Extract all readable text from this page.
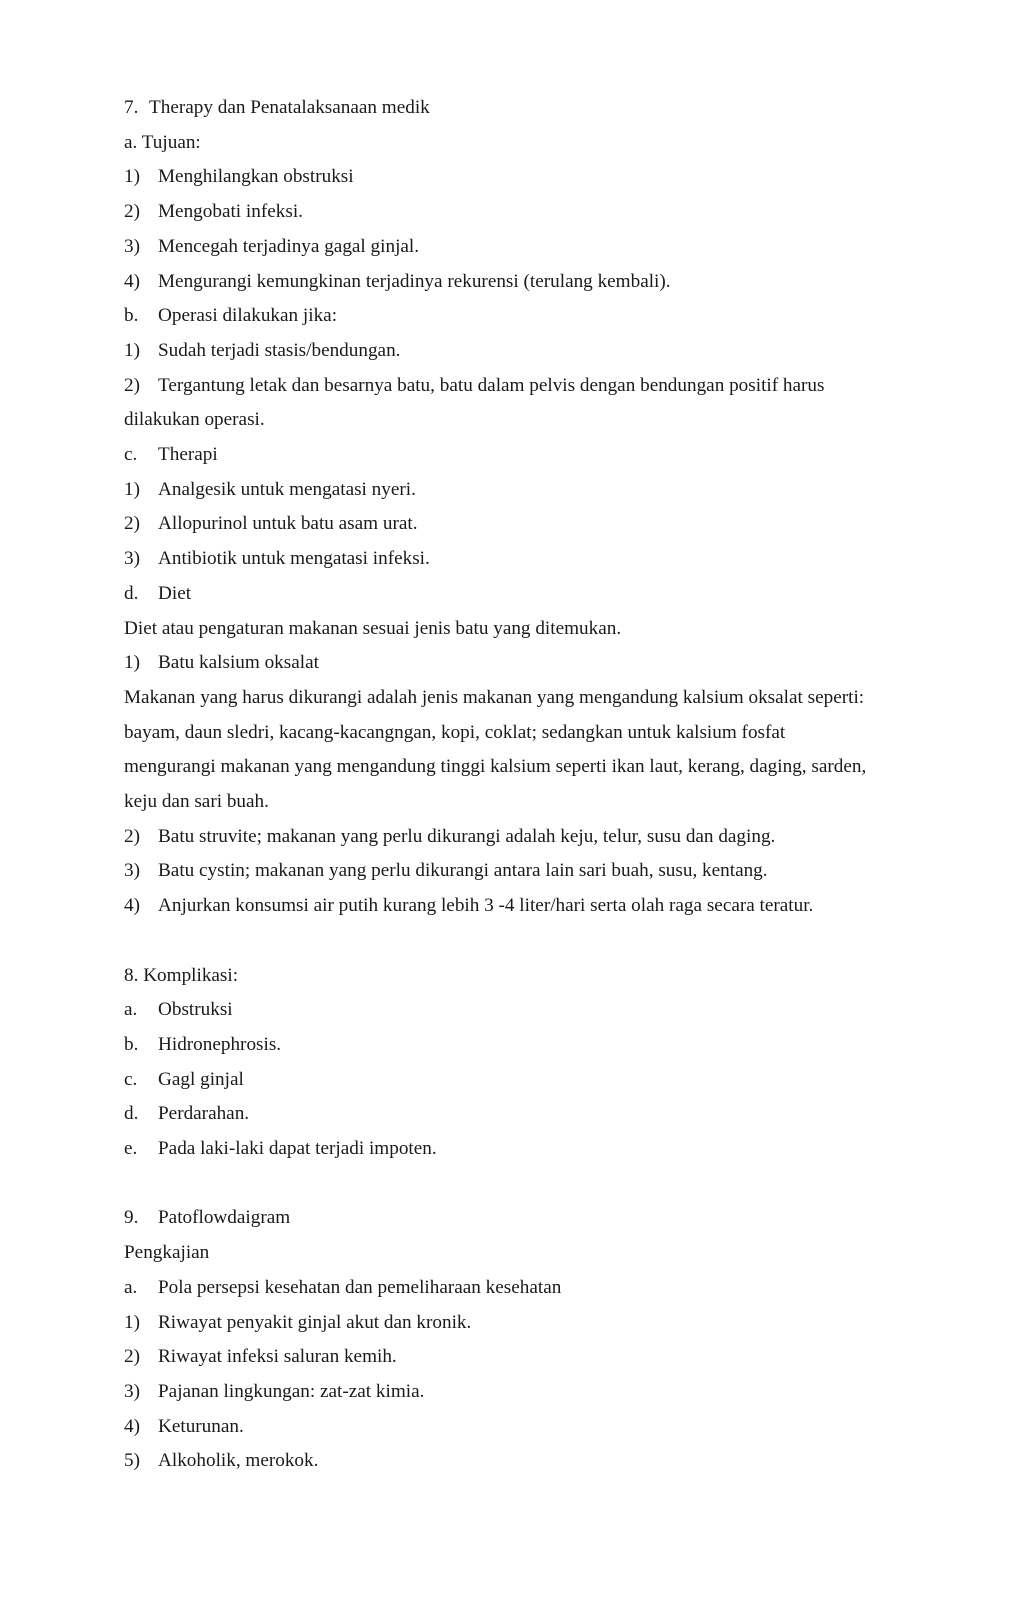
7. Therapy dan Penatalaksanaan medik
a. Tujuan:
1) Menghilangkan obstruksi
2) Mengobati infeksi.
3) Mencegah terjadinya gagal ginjal.
4) Mengurangi kemungkinan terjadinya rekurensi (terulang kembali).
b. Operasi dilakukan jika:
1) Sudah terjadi stasis/bendungan.
2) Tergantung letak dan besarnya batu, batu dalam pelvis dengan bendungan positif harus
dilakukan operasi.
c. Therapi
1) Analgesik untuk mengatasi nyeri.
2) Allopurinol untuk batu asam urat.
3) Antibiotik untuk mengatasi infeksi.
d. Diet
Diet atau pengaturan makanan sesuai jenis batu yang ditemukan.
1) Batu kalsium oksalat
Makanan yang harus dikurangi adalah jenis makanan yang mengandung kalsium oksalat seperti:
bayam, daun sledri, kacang-kacangngan, kopi, coklat; sedangkan untuk kalsium fosfat
mengurangi makanan yang mengandung tinggi kalsium seperti ikan laut, kerang, daging, sarden,
keju dan sari buah.
2) Batu struvite; makanan yang perlu dikurangi adalah keju, telur, susu dan daging.
3) Batu cystin; makanan yang perlu dikurangi antara lain sari buah, susu, kentang.
4) Anjurkan konsumsi air putih kurang lebih 3 -4 liter/hari serta olah raga secara teratur.
8. Komplikasi:
a. Obstruksi
b. Hidronephrosis.
c. Gagl ginjal
d. Perdarahan.
e. Pada laki-laki dapat terjadi impoten.
9. Patoflowdaigram
Pengkajian
a. Pola persepsi kesehatan dan pemeliharaan kesehatan
1) Riwayat penyakit ginjal akut dan kronik.
2) Riwayat infeksi saluran kemih.
3) Pajanan lingkungan: zat-zat kimia.
4) Keturunan.
5) Alkoholik, merokok.
